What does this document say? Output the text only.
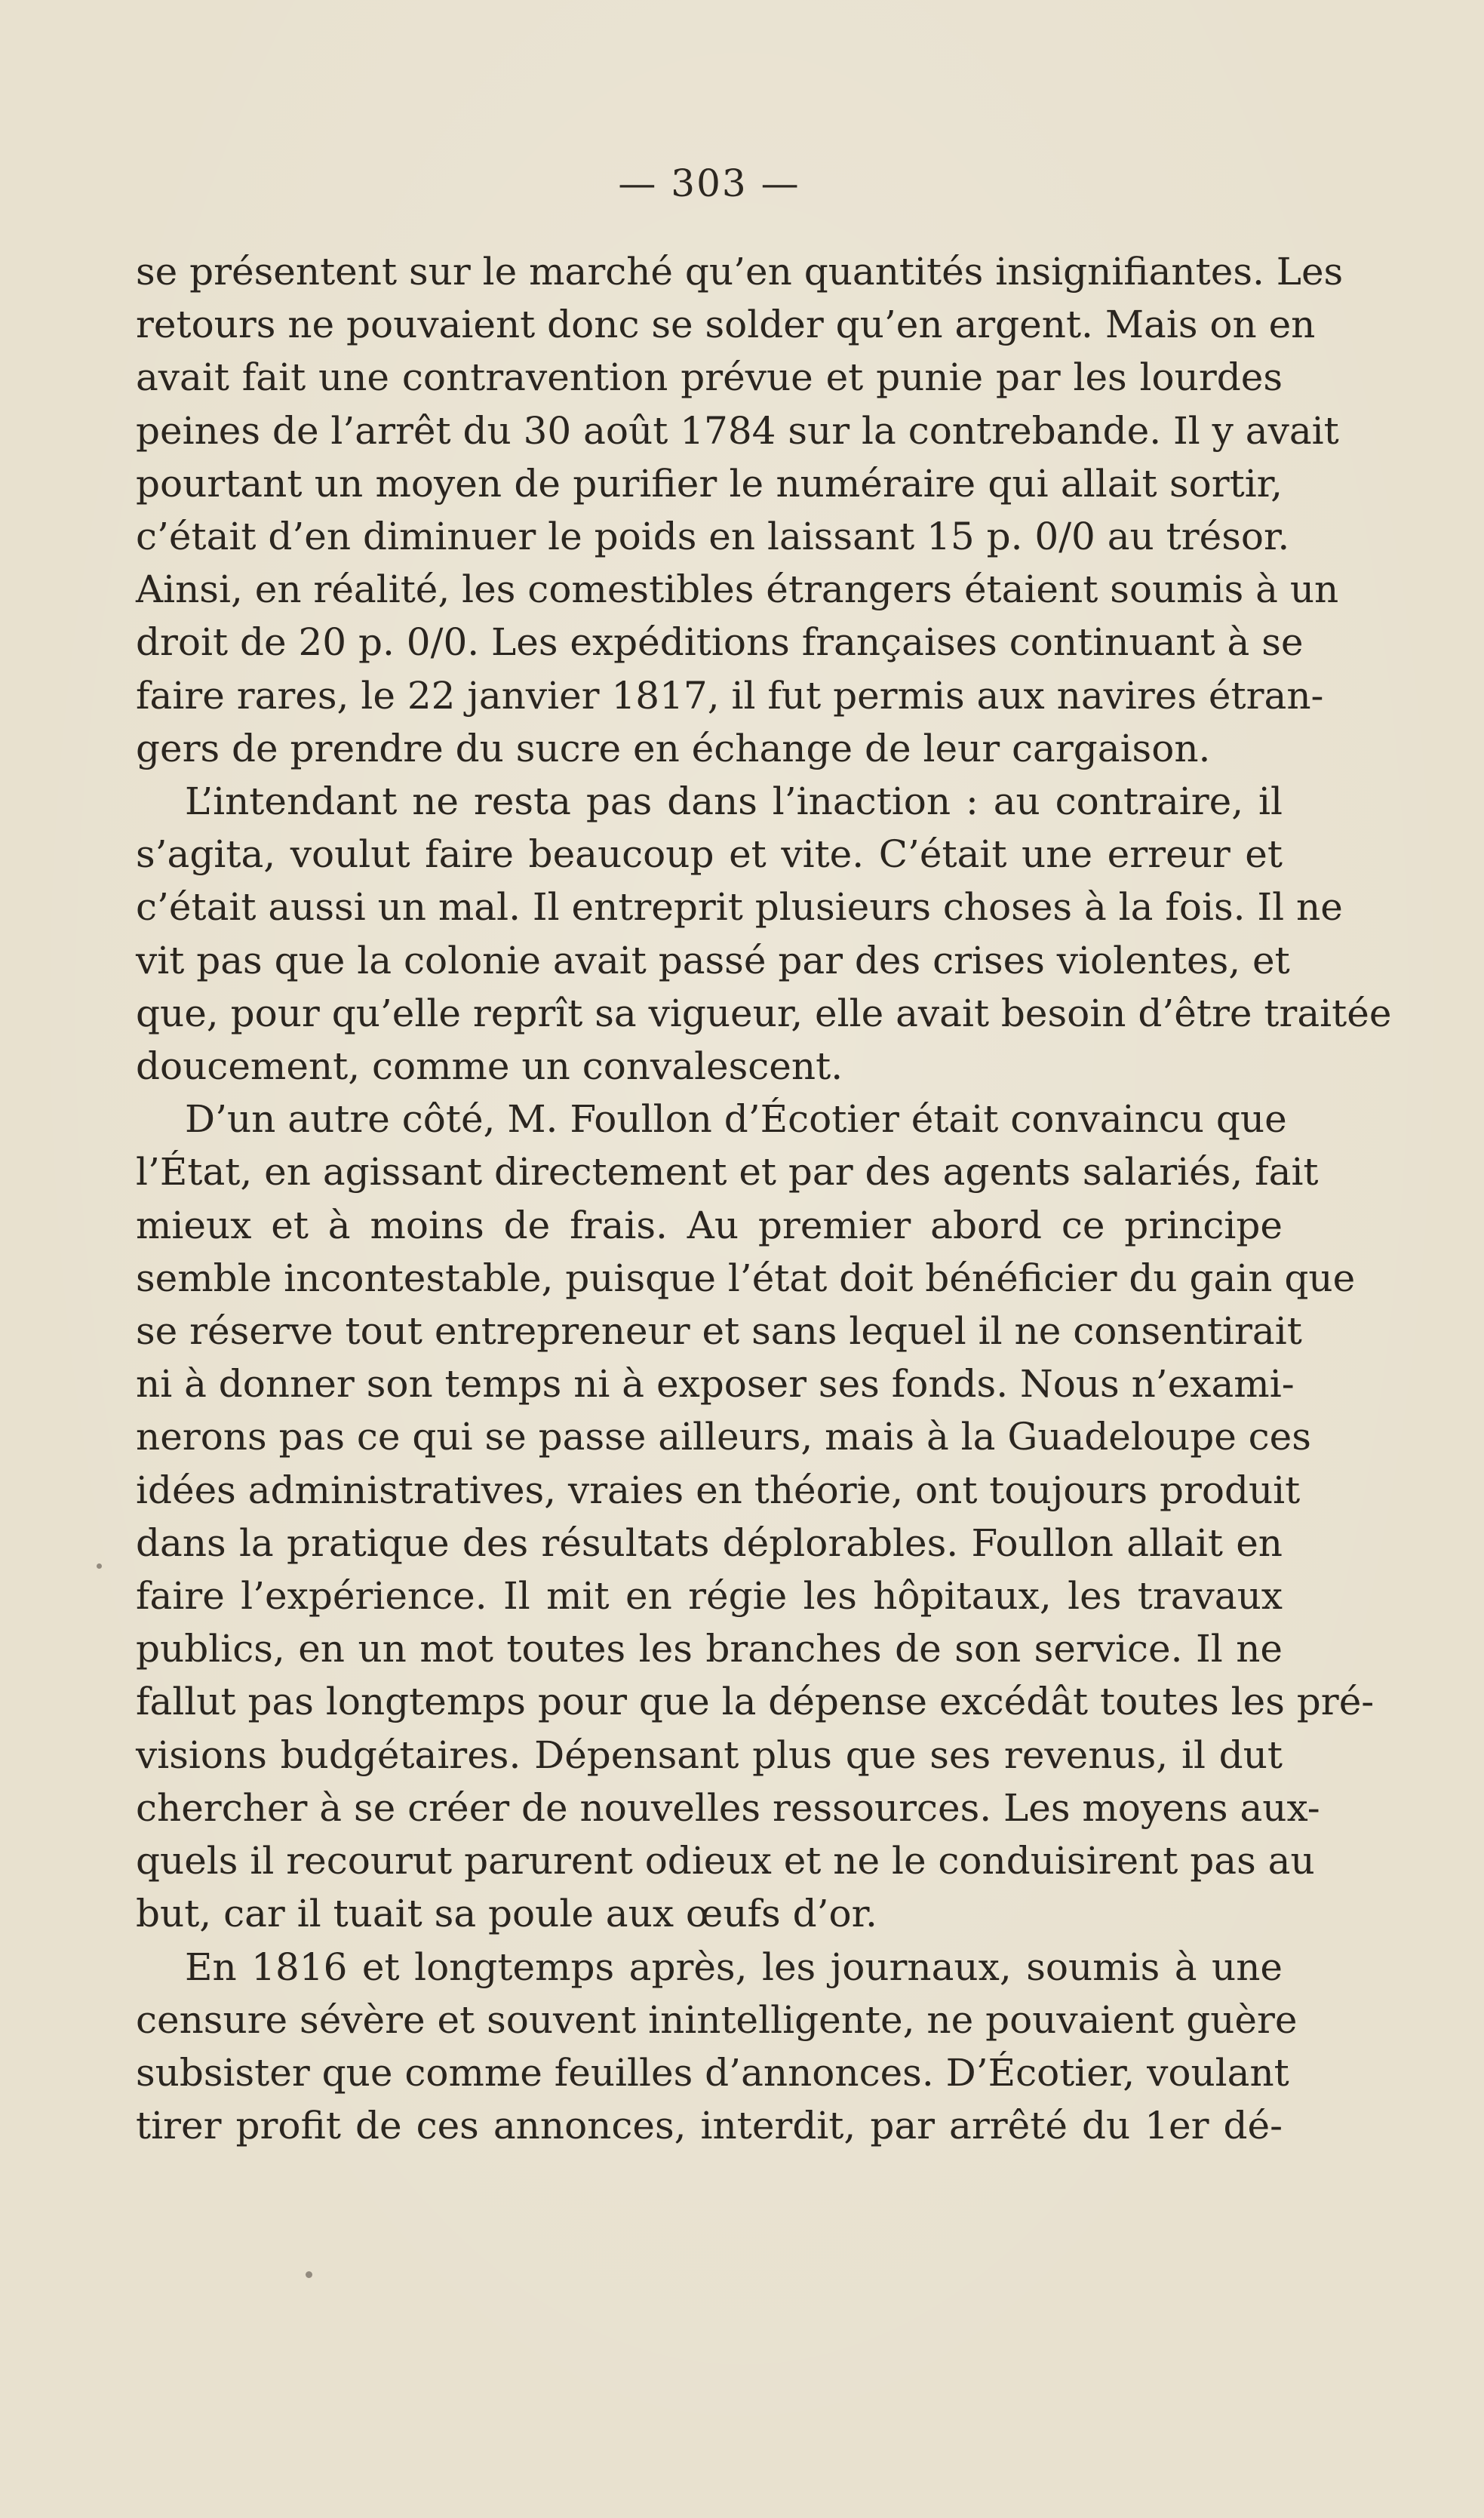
— 303 —

se présentent sur le marché qu’en quantités insignifiantes. Les

retours ne pouvaient donc se solder qu’en argent. Mais on en

avait fait une contravention prévue et punie par les lourdes

peines de l’arrêt du 30 août 1784 sur la contrebande. Il y avait

pourtant un moyen de purifier le numéraire qui allait sortir,

c’était d’en diminuer le poids en laissant 15 p. 0/0 au trésor.

Ainsi, en réalité, les comestibles étrangers étaient soumis à un

droit de 20 p. 0/0. Les expéditions françaises continuant à se

faire rares, le 22 janvier 1817, il fut permis aux navires étran-

gers de prendre du sucre en échange de leur cargaison.

L’intendant ne resta pas dans l’inaction : au contraire, il

s’agita, voulut faire beaucoup et vite. C’était une erreur et

c’était aussi un mal. Il entreprit plusieurs choses à la fois. Il ne

vit pas que la colonie avait passé par des crises violentes, et

que, pour qu’elle reprît sa vigueur, elle avait besoin d’être traitée

doucement, comme un convalescent.

D’un autre côté, M. Foullon d’Écotier était convaincu que

l’État, en agissant directement et par des agents salariés, fait

mieux et à moins de frais. Au premier abord ce principe

semble incontestable, puisque l’état doit bénéficier du gain que

se réserve tout entrepreneur et sans lequel il ne consentirait

ni à donner son temps ni à exposer ses fonds. Nous n’exami-

nerons pas ce qui se passe ailleurs, mais à la Guadeloupe ces

idées administratives, vraies en théorie, ont toujours produit

dans la pratique des résultats déplorables. Foullon allait en

faire l’expérience. Il mit en régie les hôpitaux, les travaux

publics, en un mot toutes les branches de son service. Il ne

fallut pas longtemps pour que la dépense excédât toutes les pré-

visions budgétaires. Dépensant plus que ses revenus, il dut

chercher à se créer de nouvelles ressources. Les moyens aux-

quels il recourut parurent odieux et ne le conduisirent pas au

but, car il tuait sa poule aux œufs d’or.

En 1816 et longtemps après, les journaux, soumis à une

censure sévère et souvent inintelligente, ne pouvaient guère

subsister que comme feuilles d’annonces. D’Écotier, voulant

tirer profit de ces annonces, interdit, par arrêté du 1er dé-
